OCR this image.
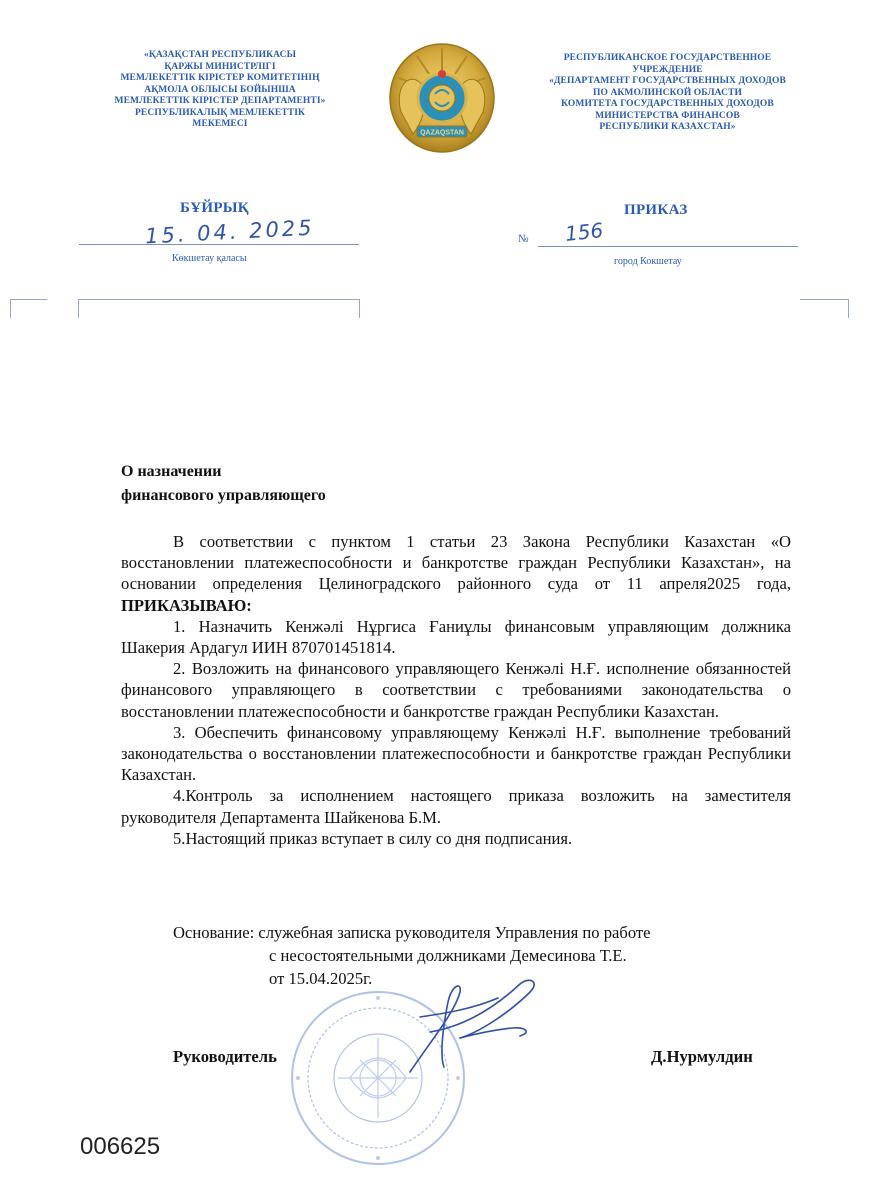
«ҚАЗАҚСТАН РЕСПУБЛИКАСЫ
ҚАРЖЫ МИНИСТРЛІГІ
МЕМЛЕКЕТТІК КІРІСТЕР КОМИТЕТІНІҢ
АҚМОЛА ОБЛЫСЫ БОЙЫНША
МЕМЛЕКЕТТІК КІРІСТЕР ДЕПАРТАМЕНТІ»
РЕСПУБЛИКАЛЫҚ МЕМЛЕКЕТТІК
МЕКЕМЕСІ
QAZAQSTAN
РЕСПУБЛИКАНСКОЕ ГОСУДАРСТВЕННОЕ
УЧРЕЖДЕНИЕ
«ДЕПАРТАМЕНТ ГОСУДАРСТВЕННЫХ ДОХОДОВ
ПО АКМОЛИНСКОЙ ОБЛАСТИ
КОМИТЕТА ГОСУДАРСТВЕННЫХ ДОХОДОВ
МИНИСТЕРСТВА ФИНАНСОВ
РЕСПУБЛИКИ КАЗАХСТАН»
БҰЙРЫҚ	ПРИКАЗ
15. 04. 2025	№ 156
Көкшетау қаласы	город Кокшетау
О назначении
финансового управляющего

В соответствии с пунктом 1 статьи 23 Закона Республики Казахстан «О восстановлении платежеспособности и банкротстве граждан Республики Казахстан», на основании определения Целиноградского районного суда от 11 апреля2025 года, ПРИКАЗЫВАЮ:

1. Назначить Кенжәлі Нұргиса Ғаниұлы финансовым управляющим должника Шакерия Ардагул ИИН 870701451814.

2. Возложить на финансового управляющего Кенжәлі Н.Ғ. исполнение обязанностей финансового управляющего в соответствии с требованиями законодательства о восстановлении платежеспособности и банкротстве граждан Республики Казахстан.

3. Обеспечить финансовому управляющему Кенжәлі Н.Ғ. выполнение требований законодательства о восстановлении платежеспособности и банкротстве граждан Республики Казахстан.

4.Контроль за исполнением настоящего приказа возложить на заместителя руководителя Департамента Шайкенова Б.М.

5.Настоящий приказ вступает в силу со дня подписания.

Основание: служебная записка руководителя Управления по работе
с несостоятельными должниками Демесинова Т.Е.
от 15.04.2025г.
Руководитель	Д.Нурмулдин
006625
